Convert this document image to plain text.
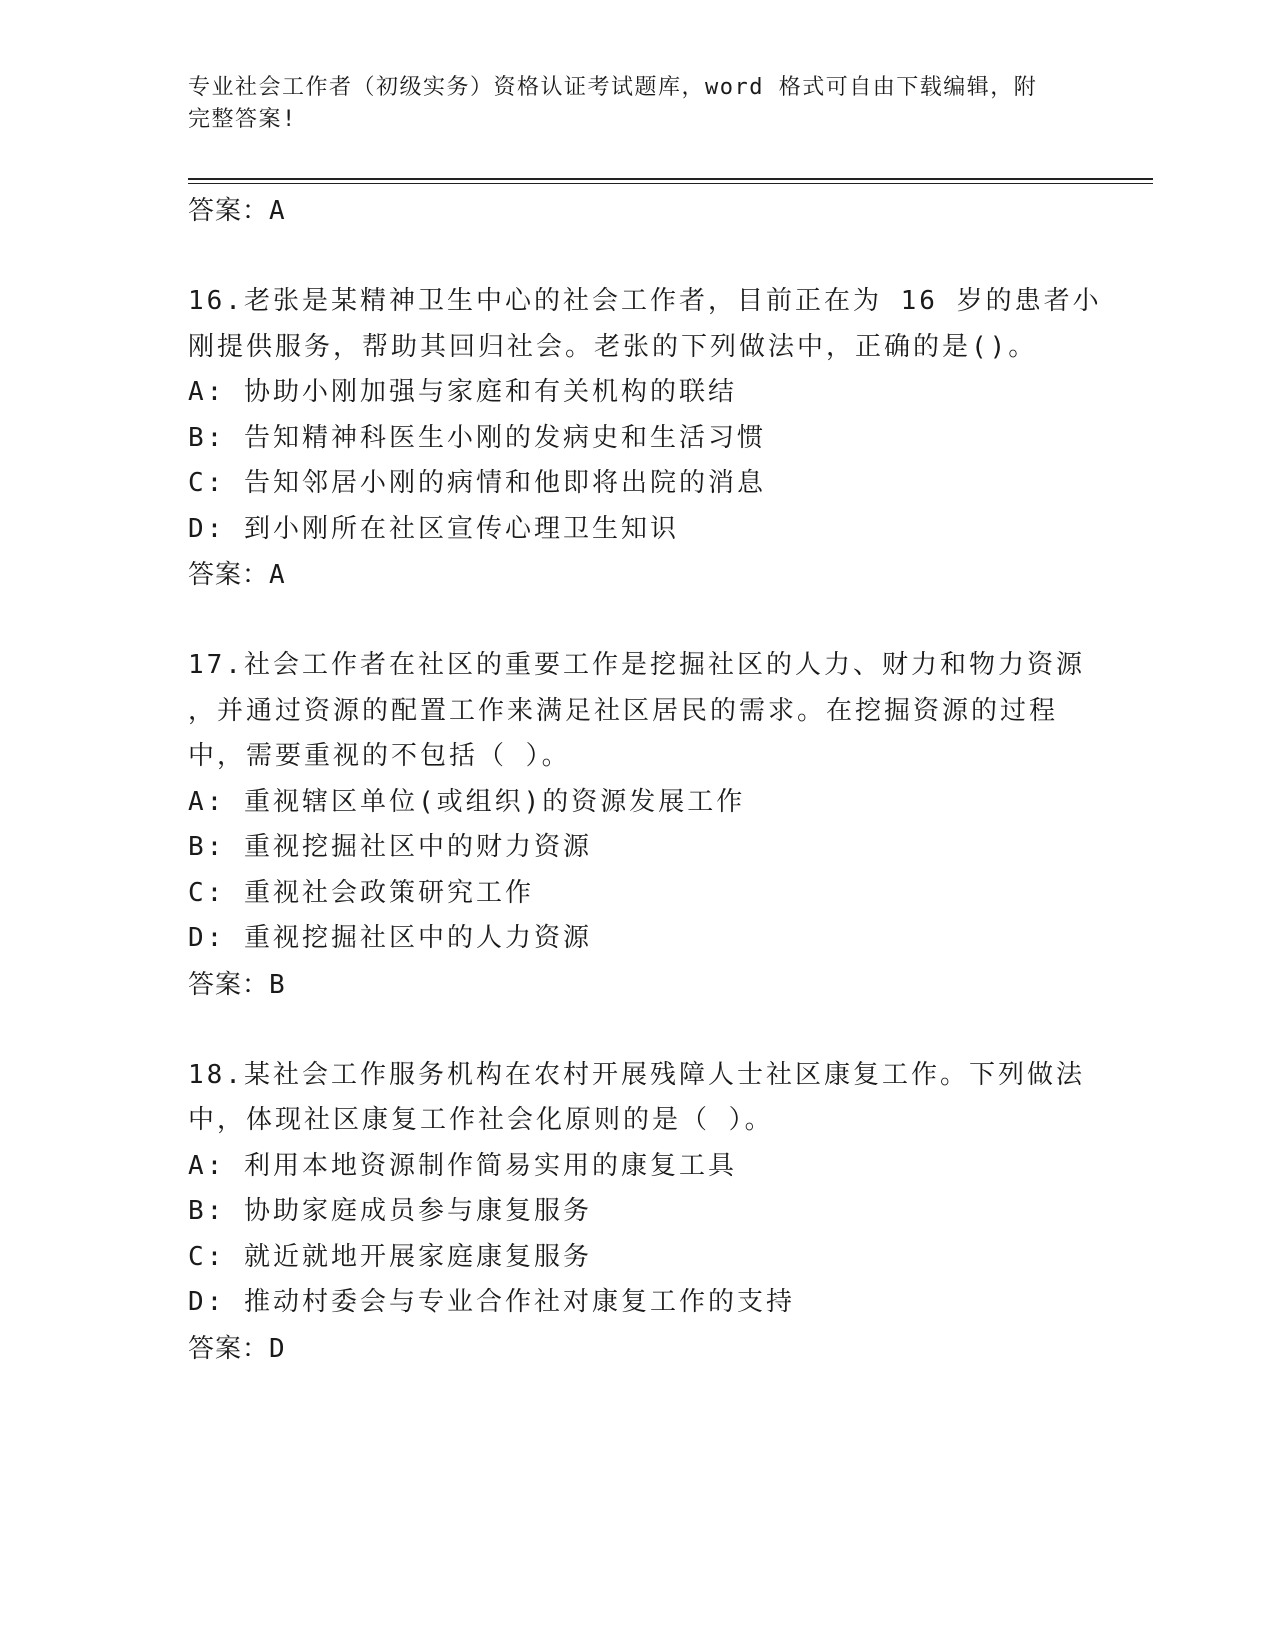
专业社会工作者（初级实务）资格认证考试题库，word 格式可自由下载编辑，附
完整答案!
答案：A
16.老张是某精神卫生中心的社会工作者，目前正在为 16 岁的患者小
刚提供服务，帮助其回归社会。老张的下列做法中，正确的是()。
A: 协助小刚加强与家庭和有关机构的联结
B: 告知精神科医生小刚的发病史和生活习惯
C: 告知邻居小刚的病情和他即将出院的消息
D: 到小刚所在社区宣传心理卫生知识
答案：A
17.社会工作者在社区的重要工作是挖掘社区的人力、财力和物力资源
，并通过资源的配置工作来满足社区居民的需求。在挖掘资源的过程
中，需要重视的不包括（ ）。
A: 重视辖区单位(或组织)的资源发展工作
B: 重视挖掘社区中的财力资源
C: 重视社会政策研究工作
D: 重视挖掘社区中的人力资源
答案：B
18.某社会工作服务机构在农村开展残障人士社区康复工作。下列做法
中，体现社区康复工作社会化原则的是（ ）。
A: 利用本地资源制作简易实用的康复工具
B: 协助家庭成员参与康复服务
C: 就近就地开展家庭康复服务
D: 推动村委会与专业合作社对康复工作的支持
答案：D
